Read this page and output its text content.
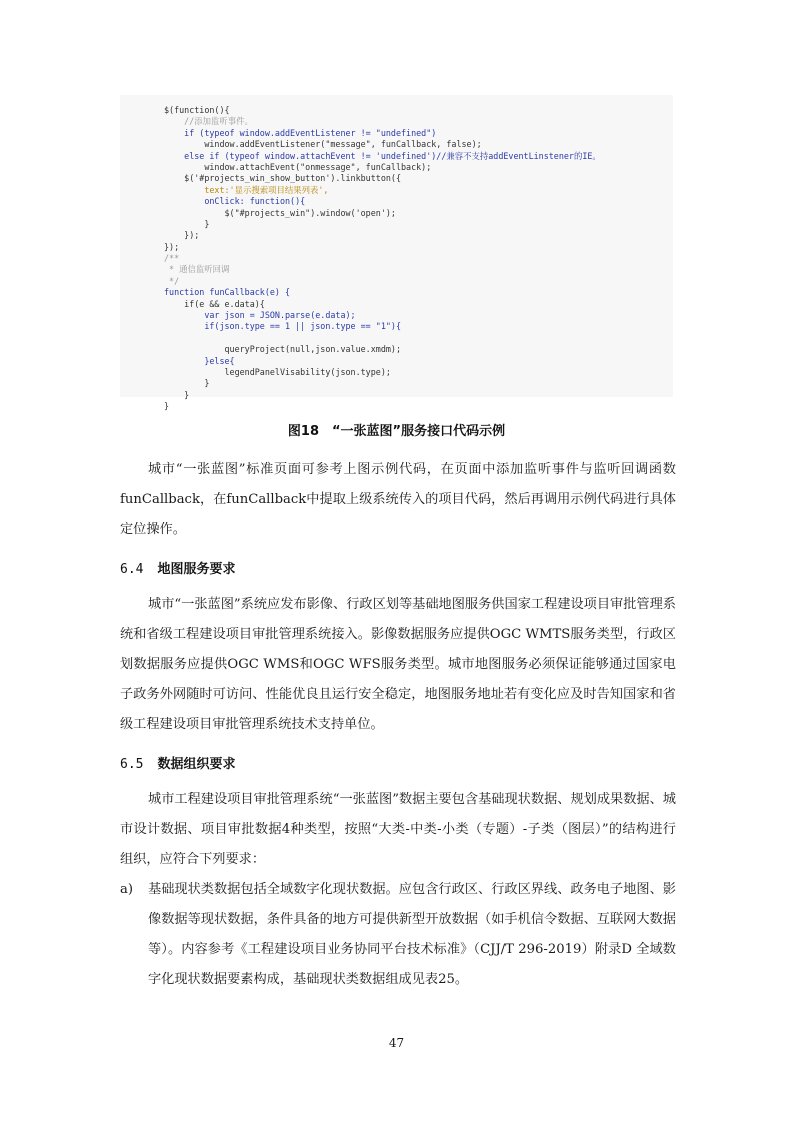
$(function(){
//添加监听事件。
if (typeof window.addEventListener != "undefined")
window.addEventListener("message", funCallback, false);
else if (typeof window.attachEvent != 'undefined')//兼容不支持addEventLinstener的IE。
window.attachEvent("onmessage", funCallback);
$('#projects_win_show_button').linkbutton({
text:'显示搜索项目结果列表',
onClick: function(){
$("#projects_win").window('open');
}
});
});
/**
* 通信监听回调
*/
function funCallback(e) {
if(e && e.data){
var json = JSON.parse(e.data);
if(json.type == 1 || json.type == "1"){
queryProject(null,json.value.xmdm);
}else{
legendPanelVisability(json.type);
}
}
}
图18　“一张蓝图”服务接口代码示例
城市“一张蓝图”标准页面可参考上图示例代码，在页面中添加监听事件与监听回调函数funCallback，在funCallback中提取上级系统传入的项目代码，然后再调用示例代码进行具体定位操作。
6.4 地图服务要求
城市“一张蓝图”系统应发布影像、行政区划等基础地图服务供国家工程建设项目审批管理系统和省级工程建设项目审批管理系统接入。影像数据服务应提供OGC WMTS服务类型，行政区划数据服务应提供OGC WMS和OGC WFS服务类型。城市地图服务必须保证能够通过国家电子政务外网随时可访问、性能优良且运行安全稳定，地图服务地址若有变化应及时告知国家和省级工程建设项目审批管理系统技术支持单位。
6.5 数据组织要求
城市工程建设项目审批管理系统“一张蓝图”数据主要包含基础现状数据、规划成果数据、城市设计数据、项目审批数据4种类型，按照“大类-中类-小类（专题）-子类（图层）”的结构进行组织，应符合下列要求：
a) 基础现状类数据包括全域数字化现状数据。应包含行政区、行政区界线、政务电子地图、影像数据等现状数据，条件具备的地方可提供新型开放数据（如手机信令数据、互联网大数据等）。内容参考《工程建设项目业务协同平台技术标准》（CJJ/T 296-2019）附录D 全域数字化现状数据要素构成，基础现状类数据组成见表25。
47
